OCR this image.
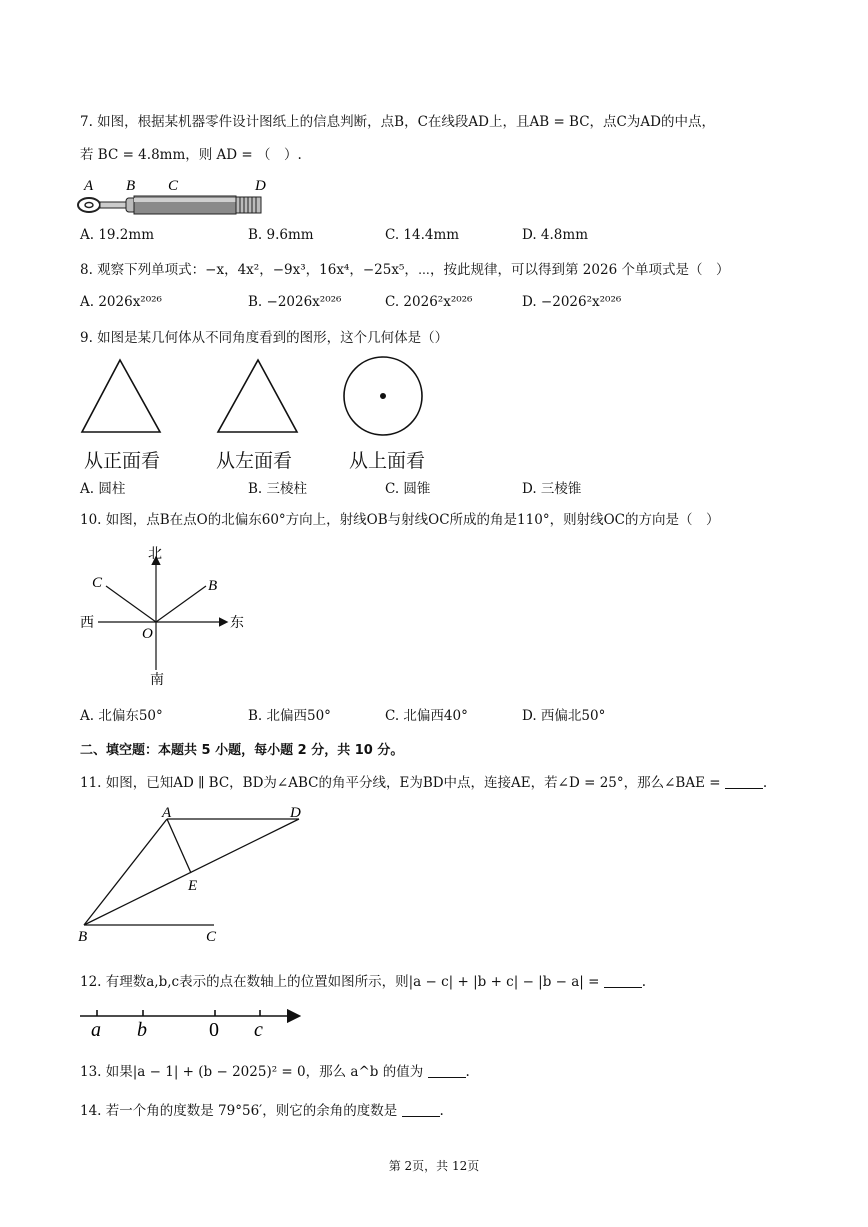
7. 如图，根据某机器零件设计图纸上的信息判断，点B，C在线段AD上，且AB = BC，点C为AD的中点，
若 BC = 4.8mm，则 AD = （　）.
A B C	D
A. 19.2mm	B. 9.6mm	C. 14.4mm	D. 4.8mm
8. 观察下列单项式：−x，4x²，−9x³，16x⁴，−25x⁵，⋯，按此规律，可以得到第 2026 个单项式是（　）
A. 2026x²⁰²⁶	B. −2026x²⁰²⁶	C. 2026²x²⁰²⁶	D. −2026²x²⁰²⁶
9. 如图是某几何体从不同角度看到的图形，这个几何体是（）
从正面看	从左面看	从上面看
A. 圆柱	B. 三棱柱	C. 圆锥	D. 三棱锥
10. 如图，点B在点O的北偏东60°方向上，射线OB与射线OC所成的角是110°，则射线OC的方向是（　）
北
南
东
西
O
B
C
A. 北偏东50°	B. 北偏西50°	C. 北偏西40°	D. 西偏北50°
二、填空题：本题共 5 小题，每小题 2 分，共 10 分。
11. 如图，已知AD ∥ BC，BD为∠ABC的角平分线，E为BD中点，连接AE，若∠D = 25°，那么∠BAE =	.
A	D
E
B	C
12. 有理数a,b,c表示的点在数轴上的位置如图所示，则|a − c| + |b + c| − |b − a| =	.
a b	0 c
13. 如果|a − 1| + (b − 2025)² = 0，那么 a^b 的值为	.
14. 若一个角的度数是 79°56′，则它的余角的度数是	.
第 2页，共 12页
